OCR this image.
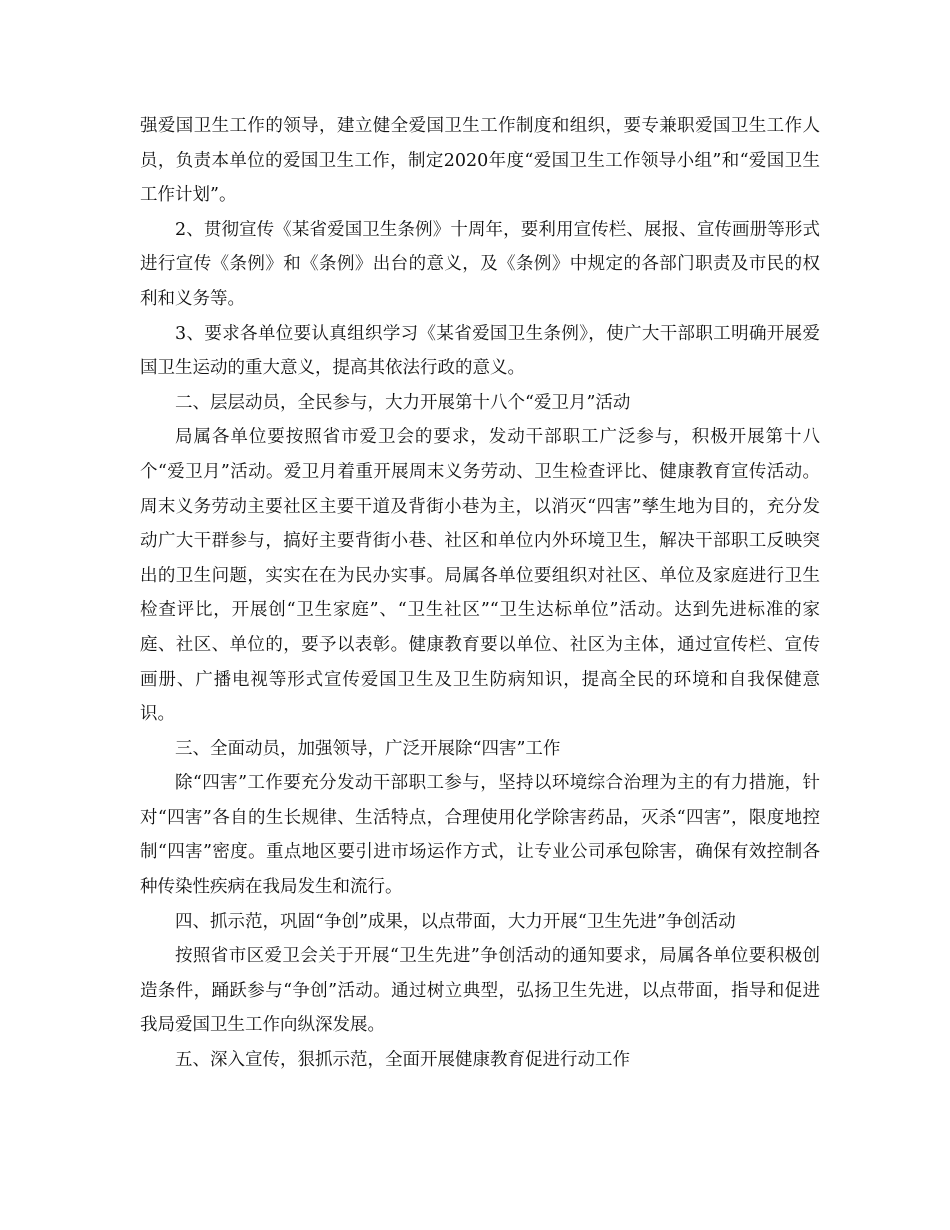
强爱国卫生工作的领导，建立健全爱国卫生工作制度和组织，要专兼职爱国卫生工作人员，负责本单位的爱国卫生工作，制定2020年度“爱国卫生工作领导小组”和“爱国卫生工作计划”。

2、贯彻宣传《某省爱国卫生条例》十周年，要利用宣传栏、展报、宣传画册等形式进行宣传《条例》和《条例》出台的意义，及《条例》中规定的各部门职责及市民的权利和义务等。

3、要求各单位要认真组织学习《某省爱国卫生条例》，使广大干部职工明确开展爱国卫生运动的重大意义，提高其依法行政的意义。

二、层层动员，全民参与，大力开展第十八个“爱卫月”活动

局属各单位要按照省市爱卫会的要求，发动干部职工广泛参与，积极开展第十八个“爱卫月”活动。爱卫月着重开展周末义务劳动、卫生检查评比、健康教育宣传活动。周末义务劳动主要社区主要干道及背街小巷为主，以消灭“四害”孳生地为目的，充分发动广大干群参与，搞好主要背街小巷、社区和单位内外环境卫生，解决干部职工反映突出的卫生问题，实实在在为民办实事。局属各单位要组织对社区、单位及家庭进行卫生检查评比，开展创“卫生家庭”、“卫生社区”“卫生达标单位”活动。达到先进标准的家庭、社区、单位的，要予以表彰。健康教育要以单位、社区为主体，通过宣传栏、宣传画册、广播电视等形式宣传爱国卫生及卫生防病知识，提高全民的环境和自我保健意识。

三、全面动员，加强领导，广泛开展除“四害”工作

除“四害”工作要充分发动干部职工参与，坚持以环境综合治理为主的有力措施，针对“四害”各自的生长规律、生活特点，合理使用化学除害药品，灭杀“四害”，限度地控制“四害”密度。重点地区要引进市场运作方式，让专业公司承包除害，确保有效控制各种传染性疾病在我局发生和流行。

四、抓示范，巩固“争创”成果，以点带面，大力开展“卫生先进”争创活动

按照省市区爱卫会关于开展“卫生先进”争创活动的通知要求，局属各单位要积极创造条件，踊跃参与“争创”活动。通过树立典型，弘扬卫生先进，以点带面，指导和促进我局爱国卫生工作向纵深发展。

五、深入宣传，狠抓示范，全面开展健康教育促进行动工作
